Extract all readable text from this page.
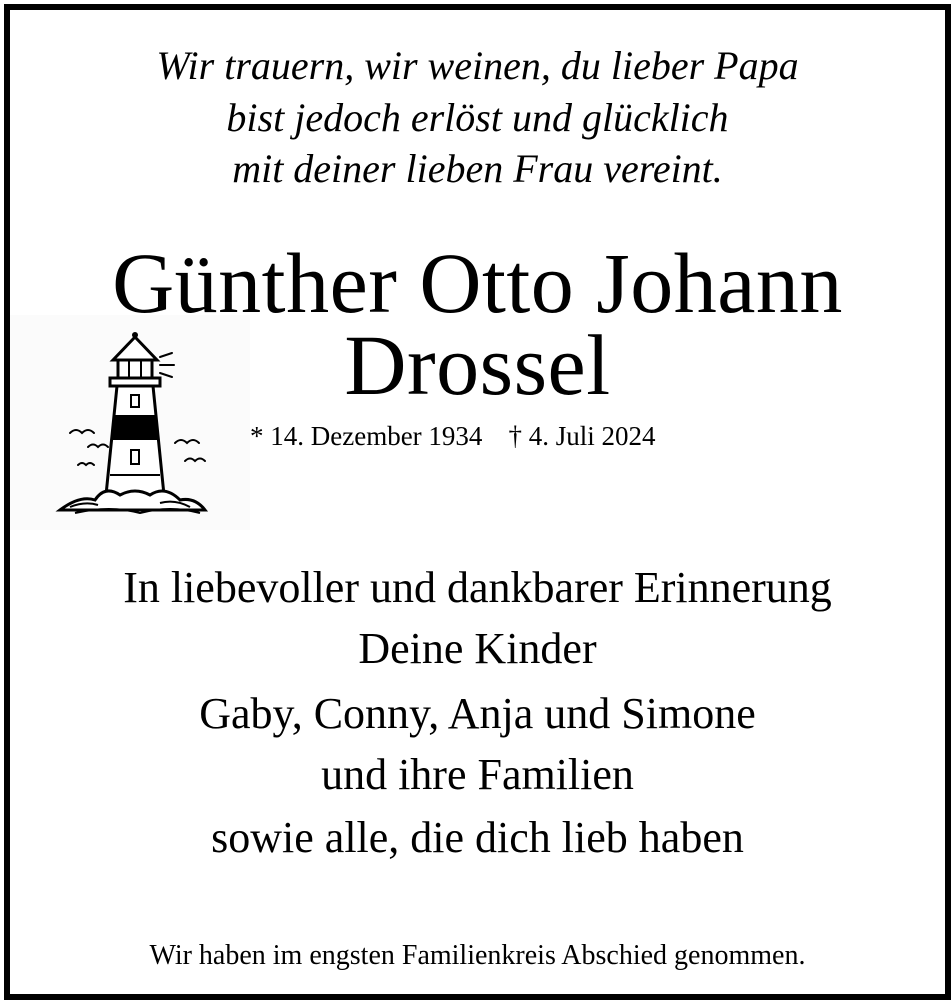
Wir trauern, wir weinen, du lieber Papa
bist jedoch erlöst und glücklich
mit deiner lieben Frau vereint.
Günther Otto Johann
Drossel
* 14. Dezember 1934 † 4. Juli 2024
In liebevoller und dankbarer Erinnerung
Deine Kinder
Gaby, Conny, Anja und Simone
und ihre Familien
sowie alle, die dich lieb haben
Wir haben im engsten Familienkreis Abschied genommen.
